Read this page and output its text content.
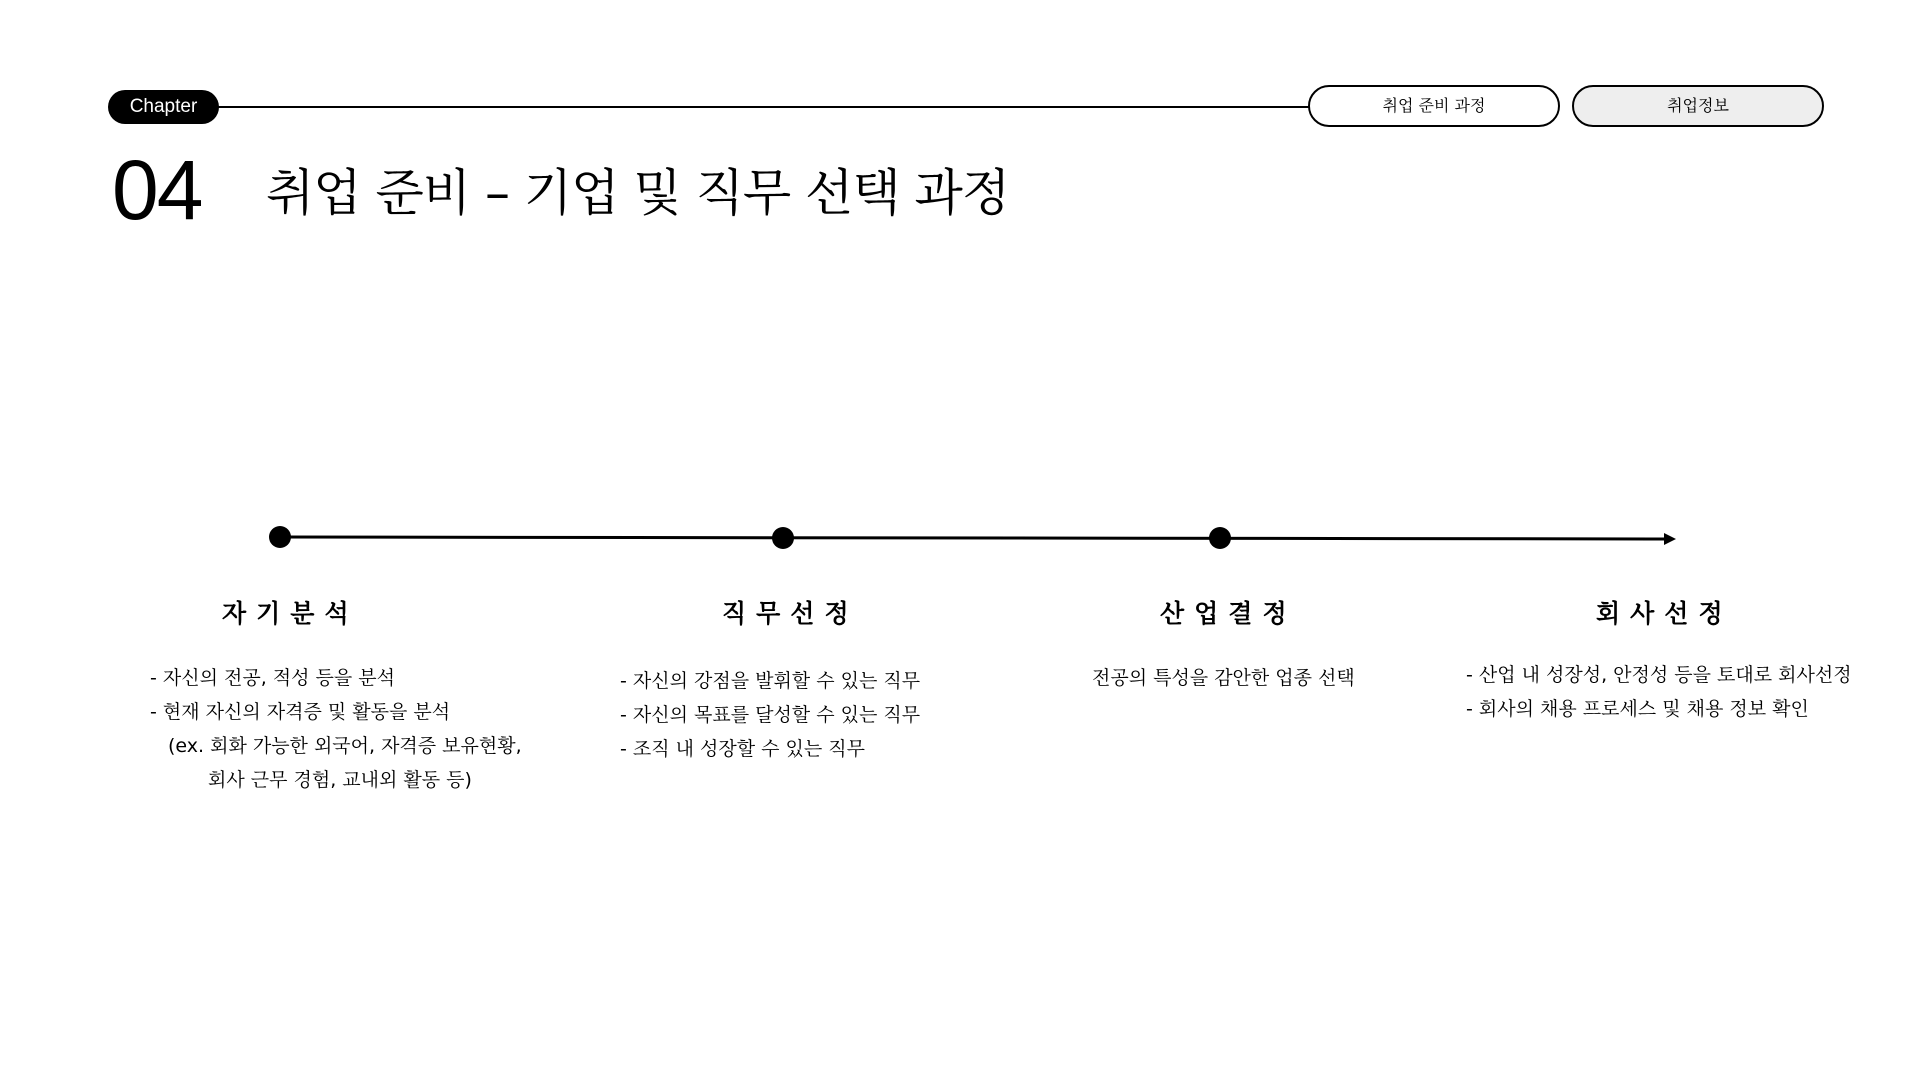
Chapter	취업 준비 과정	취업정보
04 취업 준비 – 기업 및 직무 선택 과정
자기분석
- 자신의 전공, 적성 등을 분석
- 현재 자신의 자격증 및 활동을 분석
(ex. 회화 가능한 외국어, 자격증 보유현황,
회사 근무 경험, 교내외 활동 등)
직무선정
- 자신의 강점을 발휘할 수 있는 직무
- 자신의 목표를 달성할 수 있는 직무
- 조직 내 성장할 수 있는 직무
산업결정
전공의 특성을 감안한 업종 선택
회사선정
- 산업 내 성장성, 안정성 등을 토대로 회사선정
- 회사의 채용 프로세스 및 채용 정보 확인
